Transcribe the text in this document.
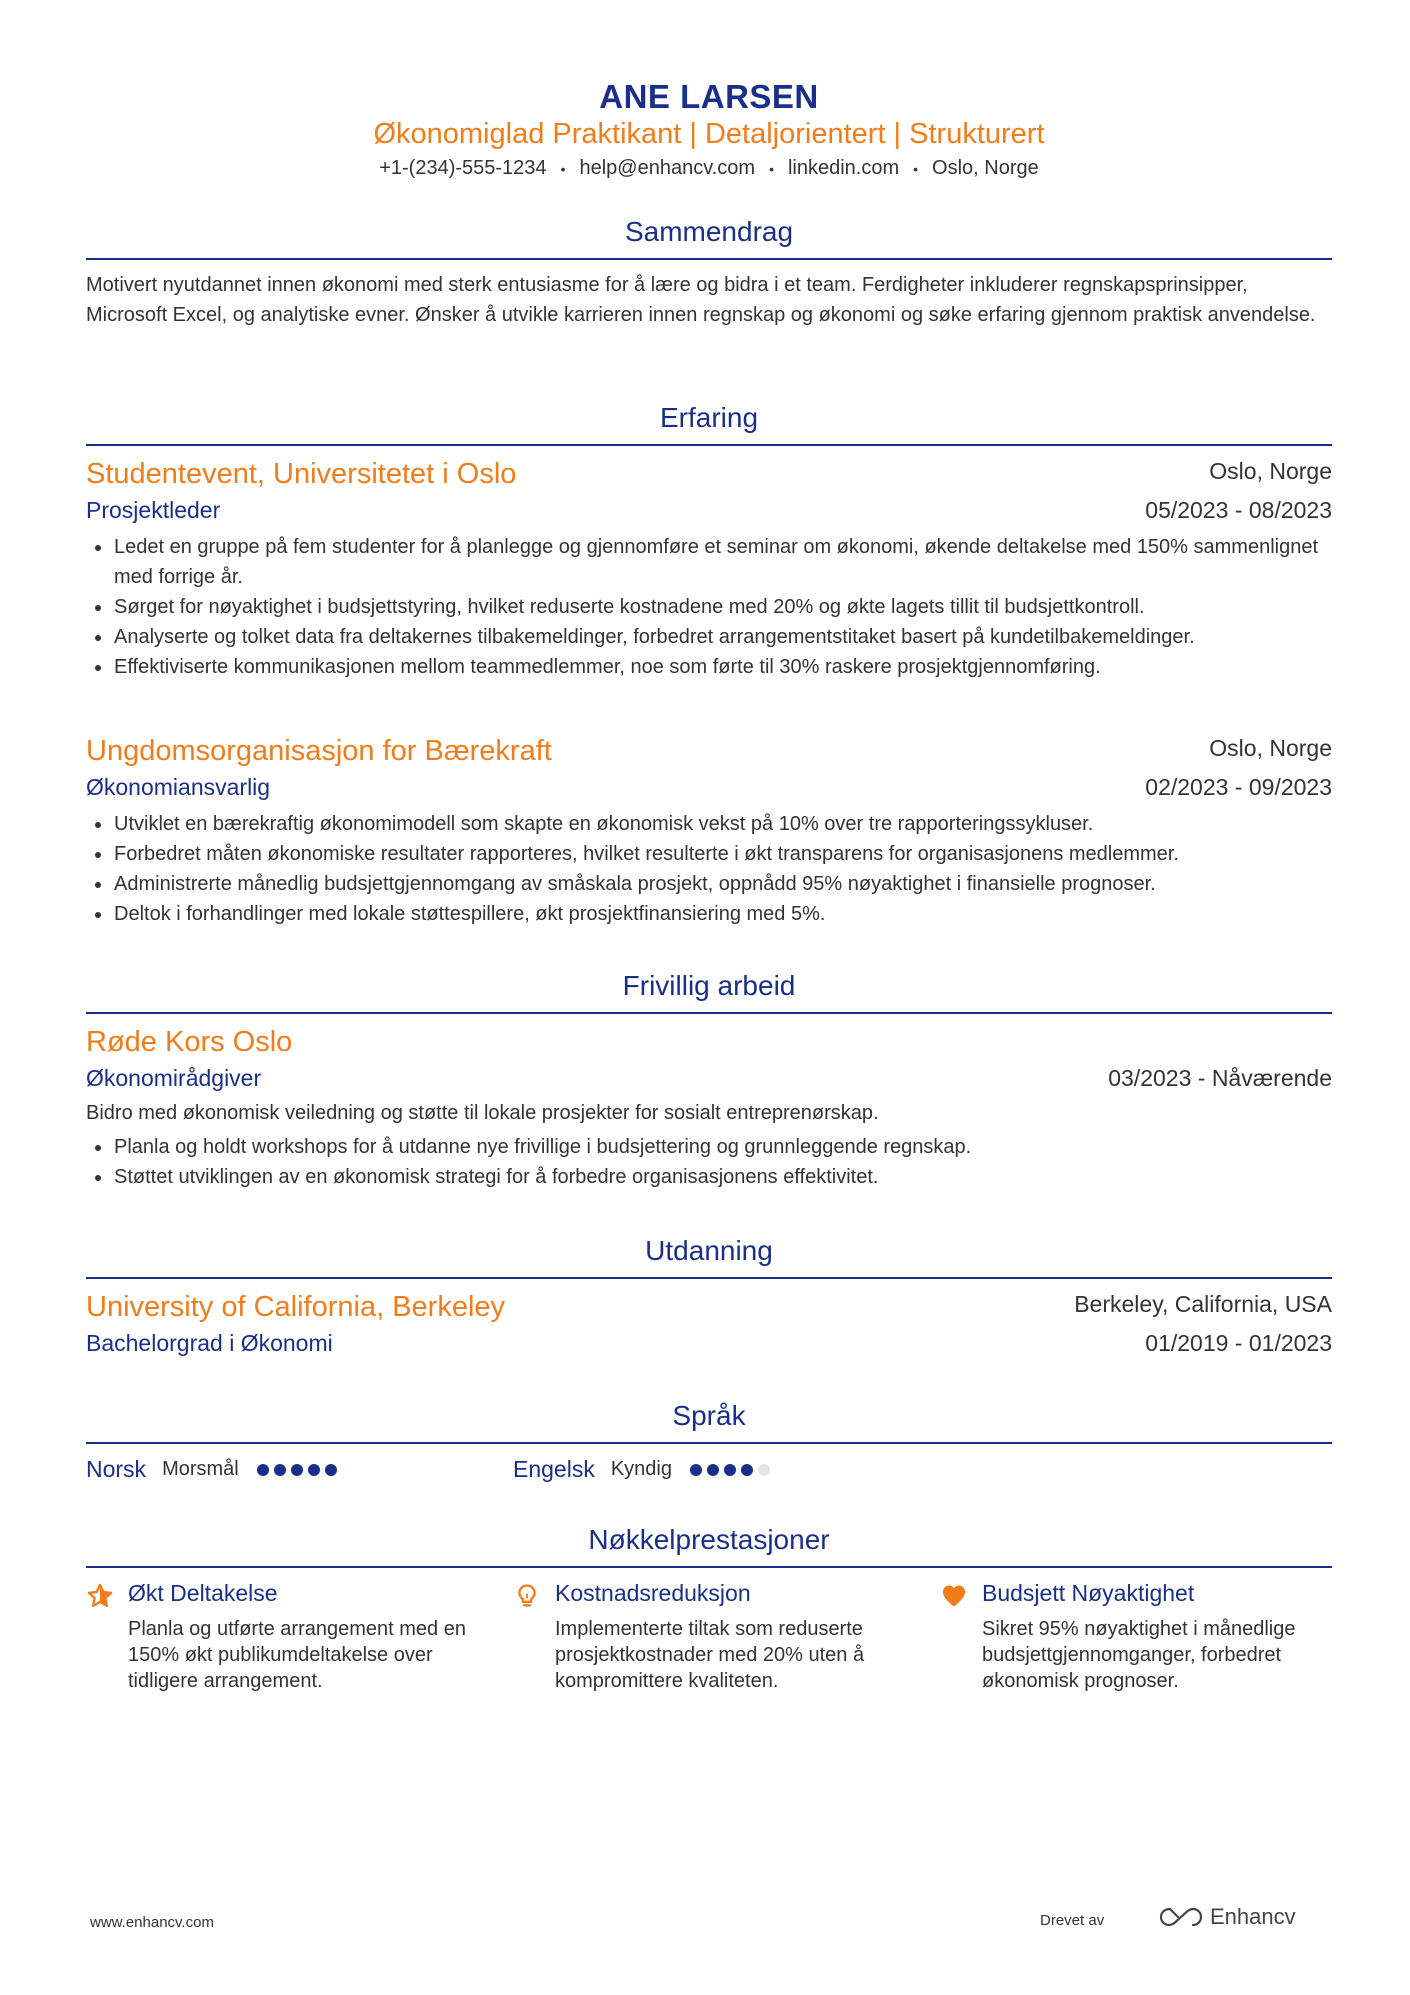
ANE LARSEN
Økonomiglad Praktikant | Detaljorientert | Strukturert
+1-(234)-555-1234 • help@enhancv.com • linkedin.com • Oslo, Norge
Sammendrag
Motivert nyutdannet innen økonomi med sterk entusiasme for å lære og bidra i et team. Ferdigheter inkluderer regnskapsprinsipper, Microsoft Excel, og analytiske evner. Ønsker å utvikle karrieren innen regnskap og økonomi og søke erfaring gjennom praktisk anvendelse.
Erfaring
Studentevent, Universitetet i Oslo	Oslo, Norge
Prosjektleder	05/2023 - 08/2023
Ledet en gruppe på fem studenter for å planlegge og gjennomføre et seminar om økonomi, økende deltakelse med 150% sammenlignet med forrige år.
Sørget for nøyaktighet i budsjettstyring, hvilket reduserte kostnadene med 20% og økte lagets tillit til budsjettkontroll.
Analyserte og tolket data fra deltakernes tilbakemeldinger, forbedret arrangementstitaket basert på kundetilbakemeldinger.
Effektiviserte kommunikasjonen mellom teammedlemmer, noe som førte til 30% raskere prosjektgjennomføring.
Ungdomsorganisasjon for Bærekraft	Oslo, Norge
Økonomiansvarlig	02/2023 - 09/2023
Utviklet en bærekraftig økonomimodell som skapte en økonomisk vekst på 10% over tre rapporteringssykluser.
Forbedret måten økonomiske resultater rapporteres, hvilket resulterte i økt transparens for organisasjonens medlemmer.
Administrerte månedlig budsjettgjennomgang av småskala prosjekt, oppnådd 95% nøyaktighet i finansielle prognoser.
Deltok i forhandlinger med lokale støttespillere, økt prosjektfinansiering med 5%.
Frivillig arbeid
Røde Kors Oslo
Økonomirådgiver	03/2023 - Nåværende
Bidro med økonomisk veiledning og støtte til lokale prosjekter for sosialt entreprenørskap.
Planla og holdt workshops for å utdanne nye frivillige i budsjettering og grunnleggende regnskap.
Støttet utviklingen av en økonomisk strategi for å forbedre organisasjonens effektivitet.
Utdanning
University of California, Berkeley	Berkeley, California, USA
Bachelorgrad i Økonomi	01/2019 - 01/2023
Språk
Norsk Morsmål	Engelsk Kyndig
Nøkkelprestasjoner
Økt Deltakelse
Planla og utførte arrangement med en 150% økt publikumdeltakelse over tidligere arrangement.
Kostnadsreduksjon
Implementerte tiltak som reduserte prosjektkostnader med 20% uten å kompromittere kvaliteten.
Budsjett Nøyaktighet
Sikret 95% nøyaktighet i månedlige budsjettgjennomganger, forbedret økonomisk prognoser.
www.enhancv.com	Drevet av	Enhancv
